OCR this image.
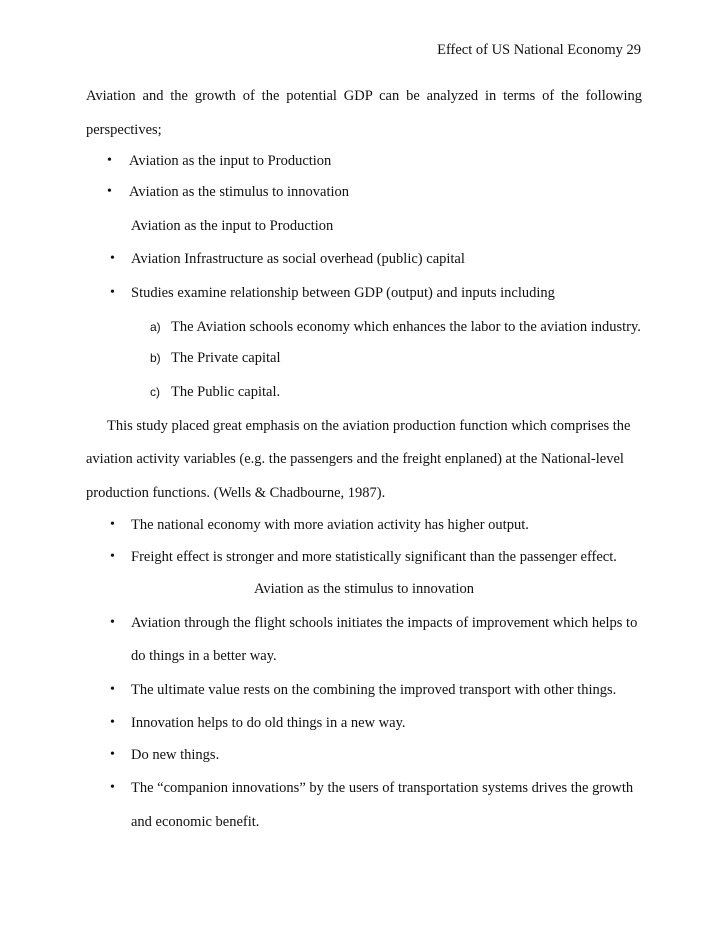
Effect of US National Economy 29
Aviation and the growth of the potential GDP can be analyzed in terms of the following
perspectives;
• Aviation as the input to Production
• Aviation as the stimulus to innovation
Aviation as the input to Production
• Aviation Infrastructure as social overhead (public) capital
• Studies examine relationship between GDP (output) and inputs including
a) The Aviation schools economy which enhances the labor to the aviation industry.
b) The Private capital
c) The Public capital.
This study placed great emphasis on the aviation production function which comprises the
aviation activity variables (e.g. the passengers and the freight enplaned) at the National-level
production functions. (Wells & Chadbourne, 1987).
• The national economy with more aviation activity has higher output.
• Freight effect is stronger and more statistically significant than the passenger effect.
Aviation as the stimulus to innovation
• Aviation through the flight schools initiates the impacts of improvement which helps to
do things in a better way.
• The ultimate value rests on the combining the improved transport with other things.
• Innovation helps to do old things in a new way.
• Do new things.
• The “companion innovations” by the users of transportation systems drives the growth
and economic benefit.
